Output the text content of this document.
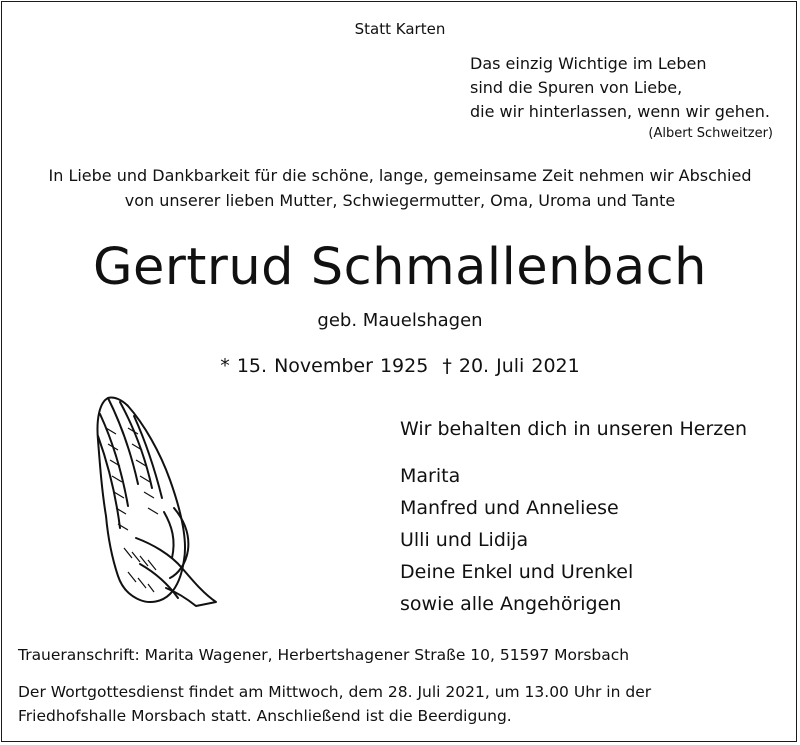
Statt Karten
Das einzig Wichtige im Leben
sind die Spuren von Liebe,
die wir hinterlassen, wenn wir gehen.
(Albert Schweitzer)
In Liebe und Dankbarkeit für die schöne, lange, gemeinsame Zeit nehmen wir Abschied
von unserer lieben Mutter, Schwiegermutter, Oma, Uroma und Tante
Gertrud Schmallenbach
geb. Mauelshagen
* 15. November 1925 † 20. Juli 2021
Wir behalten dich in unseren Herzen
Marita
Manfred und Anneliese
Ulli und Lidija
Deine Enkel und Urenkel
sowie alle Angehörigen
Traueranschrift: Marita Wagener, Herbertshagener Straße 10, 51597 Morsbach
Der Wortgottesdienst findet am Mittwoch, dem 28. Juli 2021, um 13.00 Uhr in der
Friedhofshalle Morsbach statt. Anschließend ist die Beerdigung.
